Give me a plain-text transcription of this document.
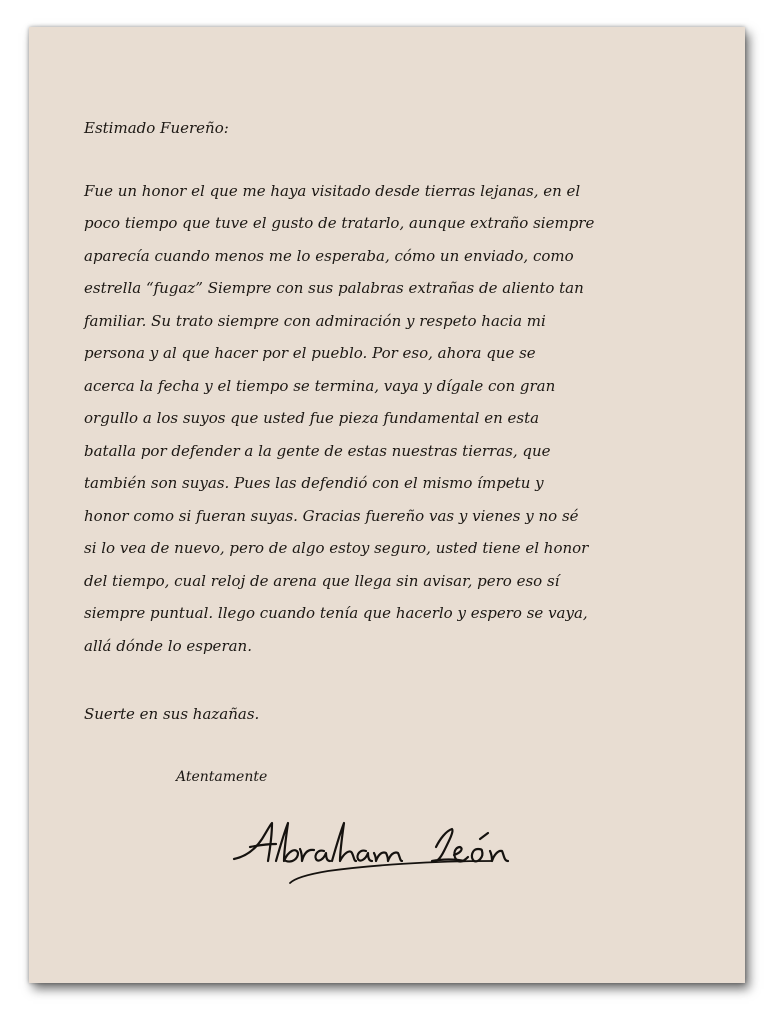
Estimado Fuereño:
Fue un honor el que me haya visitado desde tierras lejanas, en el
poco tiempo que tuve el gusto de tratarlo, aunque extraño siempre
aparecía cuando menos me lo esperaba, cómo un enviado, como
estrella “fugaz” Siempre con sus palabras extrañas de aliento tan
familiar. Su trato siempre con admiración y respeto hacia mi
persona y al que hacer por el pueblo. Por eso, ahora que se
acerca la fecha y el tiempo se termina, vaya y dígale con gran
orgullo a los suyos que usted fue pieza fundamental en esta
batalla por defender a la gente de estas nuestras tierras, que
también son suyas. Pues las defendió con el mismo ímpetu y
honor como si fueran suyas. Gracias fuereño vas y vienes y no sé
si lo vea de nuevo, pero de algo estoy seguro, usted tiene el honor
del tiempo, cual reloj de arena que llega sin avisar, pero eso sí
siempre puntual. llego cuando tenía que hacerlo y espero se vaya,
allá dónde lo esperan.
Suerte en sus hazañas.
Atentamente
